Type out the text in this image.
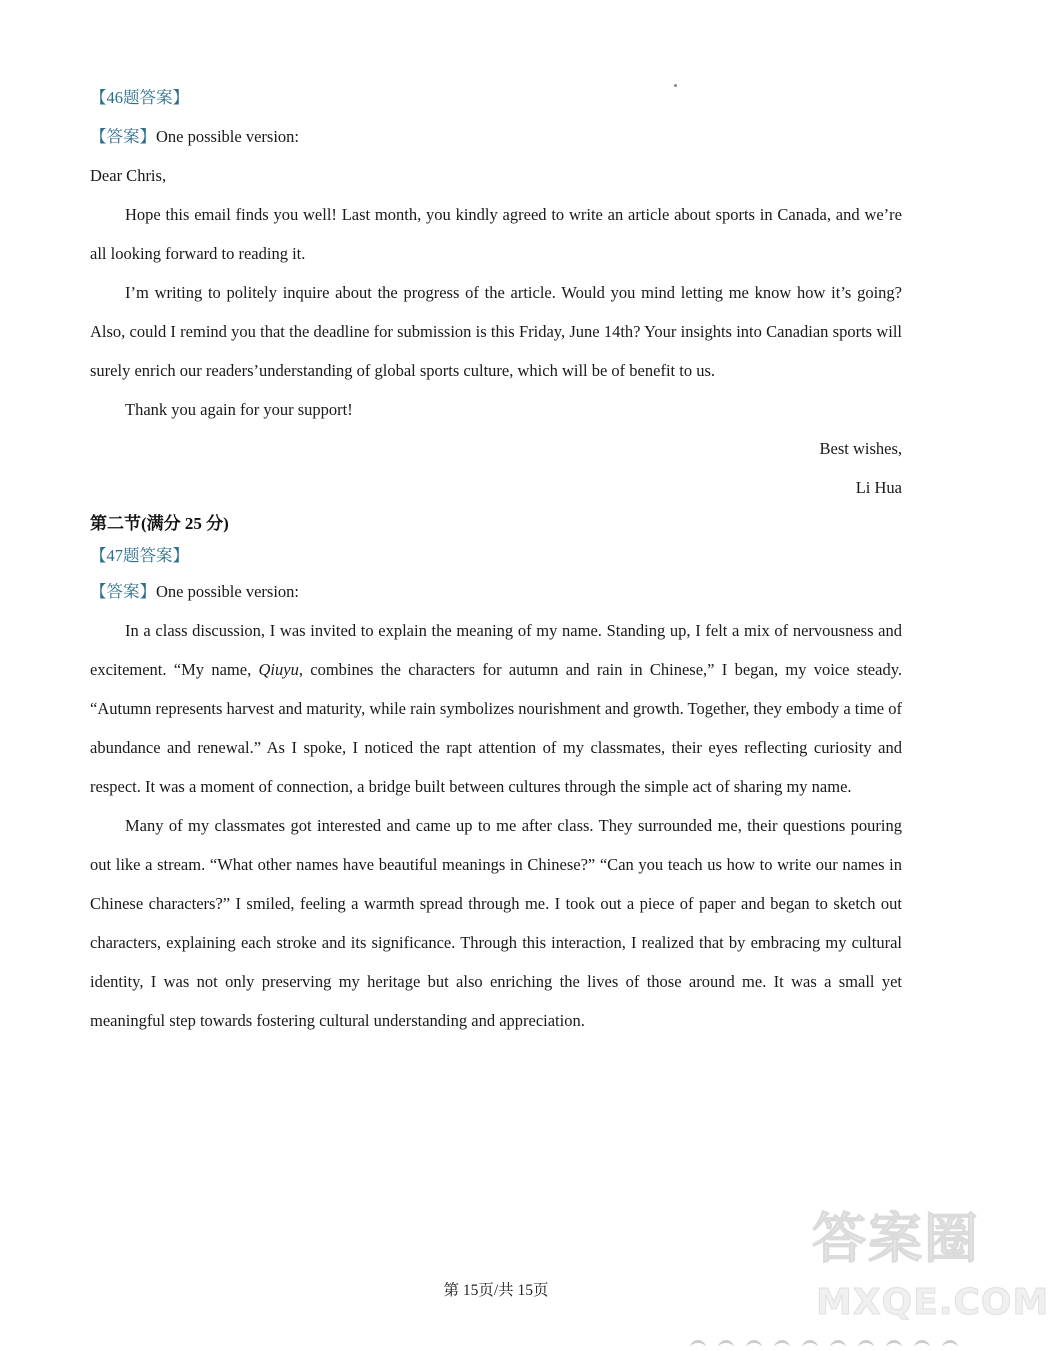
【46题答案】

【答案】One possible version:

Dear Chris,

Hope this email finds you well! Last month, you kindly agreed to write an article about sports in Canada, and we’re all looking forward to reading it.

I’m writing to politely inquire about the progress of the article. Would you mind letting me know how it’s going? Also, could I remind you that the deadline for submission is this Friday, June 14th? Your insights into Canadian sports will surely enrich our readers’understanding of global sports culture, which will be of benefit to us.

Thank you again for your support!

Best wishes,

Li Hua

第二节(满分 25 分)

【47题答案】

【答案】One possible version:

In a class discussion, I was invited to explain the meaning of my name. Standing up, I felt a mix of nervousness and excitement. “My name, Qiuyu, combines the characters for autumn and rain in Chinese,” I began, my voice steady. “Autumn represents harvest and maturity, while rain symbolizes nourishment and growth. Together, they embody a time of abundance and renewal.” As I spoke, I noticed the rapt attention of my classmates, their eyes reflecting curiosity and respect. It was a moment of connection, a bridge built between cultures through the simple act of sharing my name.

Many of my classmates got interested and came up to me after class. They surrounded me, their questions pouring out like a stream. “What other names have beautiful meanings in Chinese?” “Can you teach us how to write our names in Chinese characters?” I smiled, feeling a warmth spread through me. I took out a piece of paper and began to sketch out characters, explaining each stroke and its significance. Through this interaction, I realized that by embracing my cultural identity, I was not only preserving my heritage but also enriching the lives of those around me. It was a small yet meaningful step towards fostering cultural understanding and appreciation.

第 15页/共 15页
答案圈
MXQE.COM
